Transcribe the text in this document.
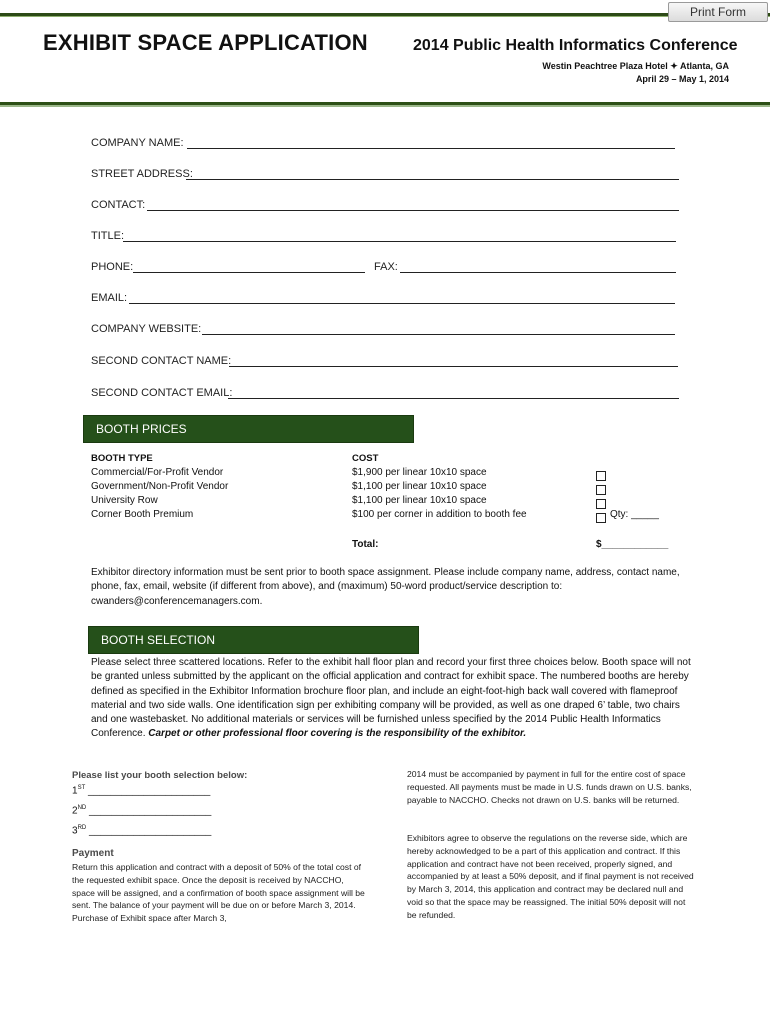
Print Form
EXHIBIT SPACE APPLICATION	2014 Public Health Informatics Conference
Westin Peachtree Plaza Hotel ✦ Atlanta, GA
April 29 – May 1, 2014
COMPANY NAME:
STREET ADDRESS:
CONTACT:
TITLE:
PHONE:	FAX:
EMAIL:
COMPANY WEBSITE:
SECOND CONTACT NAME:
SECOND CONTACT EMAIL:
BOOTH PRICES
BOOTH TYPE	COST
Commercial/For-Profit Vendor	$1,900 per linear 10x10 space
Government/Non-Profit Vendor	$1,100 per linear 10x10 space
University Row	$1,100 per linear 10x10 space
Corner Booth Premium	$100 per corner in addition to booth fee	Qty: _____
Total:	$____________
Exhibitor directory information must be sent prior to booth space assignment. Please include company name, address, contact name, phone, fax, email, website (if different from above), and (maximum) 50-word product/service description to: cwanders@conferencemanagers.com.
BOOTH SELECTION
Please select three scattered locations. Refer to the exhibit hall floor plan and record your first three choices below. Booth space will not be granted unless submitted by the applicant on the official application and contract for exhibit space. The numbered booths are hereby defined as specified in the Exhibitor Information brochure floor plan, and include an eight-foot-high back wall covered with flameproof material and two side walls. One identification sign per exhibiting company will be provided, as well as one draped 6’ table, two chairs and one wastebasket. No additional materials or services will be furnished unless specified by the 2014 Public Health Informatics Conference. Carpet or other professional floor covering is the responsibility of the exhibitor.
Please list your booth selection below:
1ST ______________________
2ND ______________________
3RD ______________________
Payment
Return this application and contract with a deposit of 50% of the total cost of the requested exhibit space. Once the deposit is received by NACCHO, space will be assigned, and a confirmation of booth space assignment will be sent. The balance of your payment will be due on or before March 3, 2014. Purchase of Exhibit space after March 3,
2014 must be accompanied by payment in full for the entire cost of space requested. All payments must be made in U.S. funds drawn on U.S. banks, payable to NACCHO. Checks not drawn on U.S. banks will be returned.
Exhibitors agree to observe the regulations on the reverse side, which are hereby acknowledged to be a part of this application and contract. If this application and contract have not been received, properly signed, and accompanied by at least a 50% deposit, and if final payment is not received by March 3, 2014, this application and contract may be declared null and void so that the space may be reassigned. The initial 50% deposit will not be refunded.
